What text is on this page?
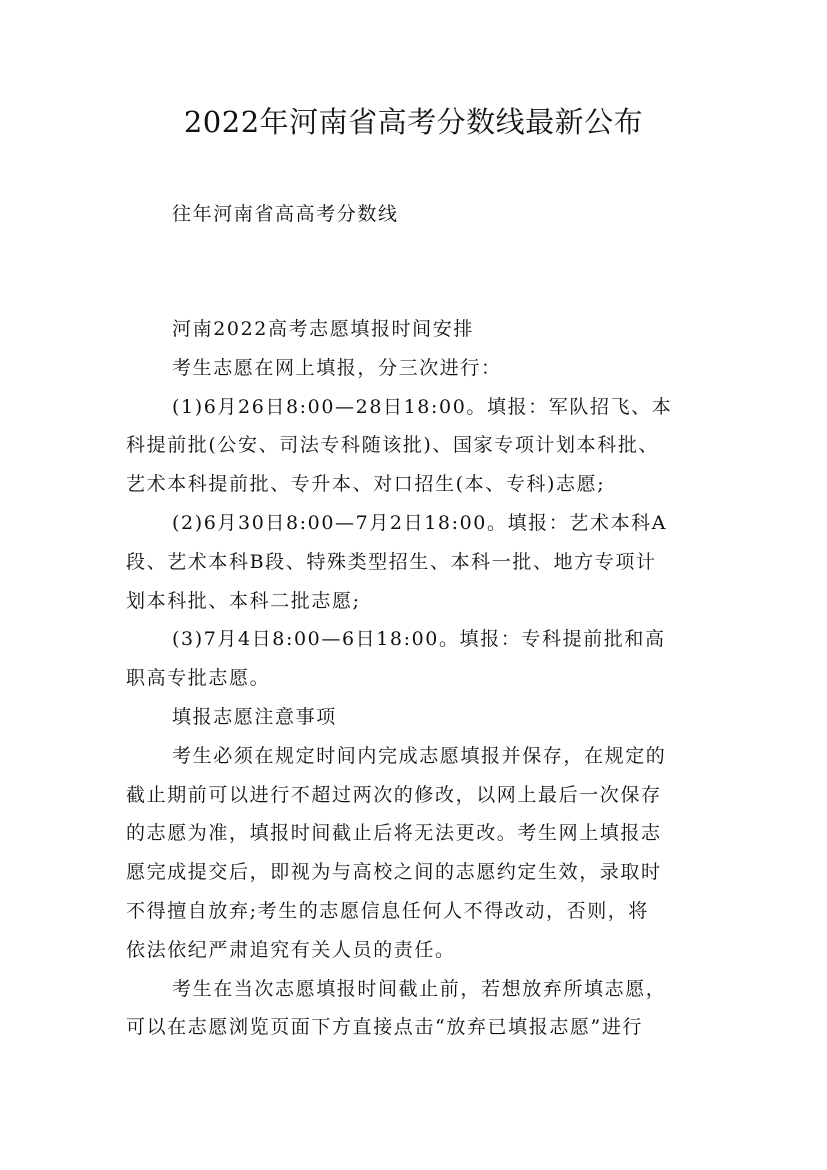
2022年河南省高考分数线最新公布
往年河南省高高考分数线
河南2022高考志愿填报时间安排
考生志愿在网上填报，分三次进行：
(1)6月26日8:00—28日18:00。填报：军队招飞、本
科提前批(公安、司法专科随该批)、国家专项计划本科批、
艺术本科提前批、专升本、对口招生(本、专科)志愿;
(2)6月30日8:00—7月2日18:00。填报：艺术本科A
段、艺术本科B段、特殊类型招生、本科一批、地方专项计
划本科批、本科二批志愿;
(3)7月4日8:00—6日18:00。填报：专科提前批和高
职高专批志愿。
填报志愿注意事项
考生必须在规定时间内完成志愿填报并保存，在规定的
截止期前可以进行不超过两次的修改，以网上最后一次保存
的志愿为准，填报时间截止后将无法更改。考生网上填报志
愿完成提交后，即视为与高校之间的志愿约定生效，录取时
不得擅自放弃;考生的志愿信息任何人不得改动，否则，将
依法依纪严肃追究有关人员的责任。
考生在当次志愿填报时间截止前，若想放弃所填志愿，
可以在志愿浏览页面下方直接点击“放弃已填报志愿”进行
